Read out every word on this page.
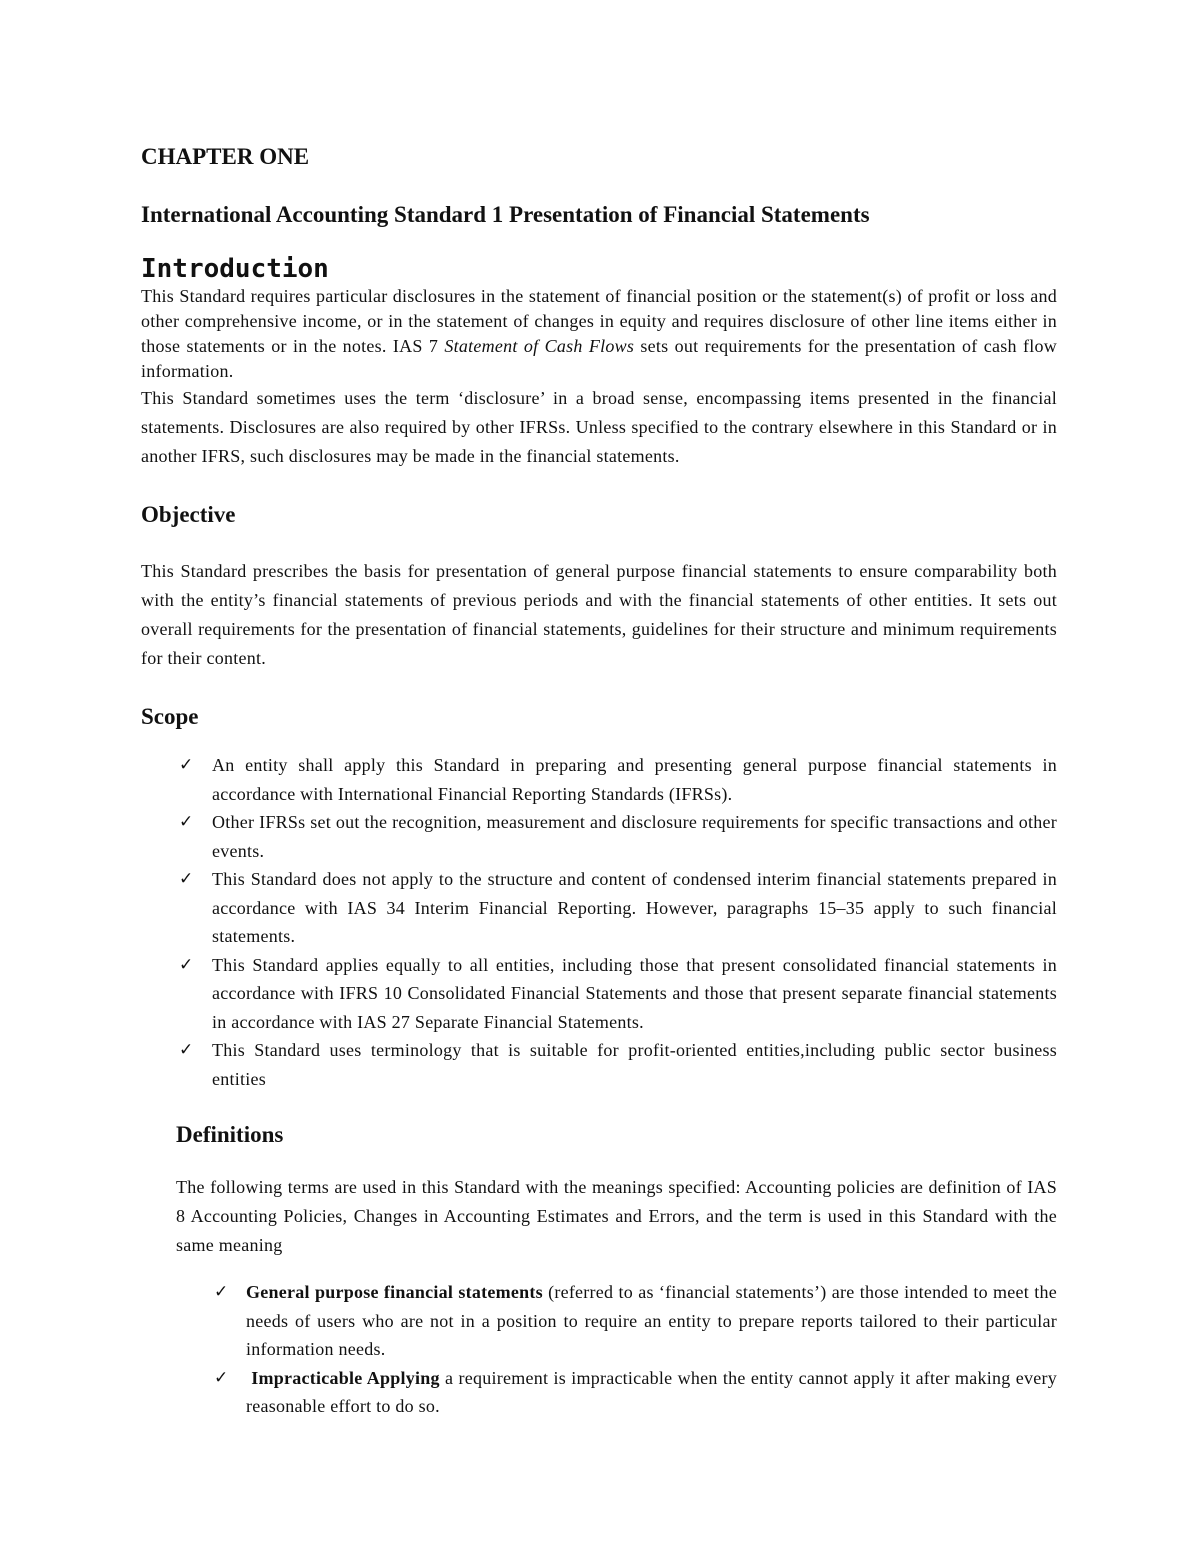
CHAPTER ONE
International Accounting Standard 1 Presentation of Financial Statements
Introduction

This Standard requires particular disclosures in the statement of financial position or the statement(s) of profit or loss and other comprehensive income, or in the statement of changes in equity and requires disclosure of other line items either in those statements or in the notes. IAS 7 Statement of Cash Flows sets out requirements for the presentation of cash flow information.

This Standard sometimes uses the term ‘disclosure’ in a broad sense, encompassing items presented in the financial statements. Disclosures are also required by other IFRSs. Unless specified to the contrary elsewhere in this Standard or in another IFRS, such disclosures may be made in the financial statements.

Objective

This Standard prescribes the basis for presentation of general purpose financial statements to ensure comparability both with the entity’s financial statements of previous periods and with the financial statements of other entities. It sets out overall requirements for the presentation of financial statements, guidelines for their structure and minimum requirements for their content.

Scope
✓ An entity shall apply this Standard in preparing and presenting general purpose financial statements in accordance with International Financial Reporting Standards (IFRSs).
✓ Other IFRSs set out the recognition, measurement and disclosure requirements for specific transactions and other events.
✓ This Standard does not apply to the structure and content of condensed interim financial statements prepared in accordance with IAS 34 Interim Financial Reporting. However, paragraphs 15–35 apply to such financial statements.
✓ This Standard applies equally to all entities, including those that present consolidated financial statements in accordance with IFRS 10 Consolidated Financial Statements and those that present separate financial statements in accordance with IAS 27 Separate Financial Statements.
✓ This Standard uses terminology that is suitable for profit-oriented entities,including public sector business entities
Definitions

The following terms are used in this Standard with the meanings specified: Accounting policies are definition of IAS 8 Accounting Policies, Changes in Accounting Estimates and Errors, and the term is used in this Standard with the same meaning

✓ General purpose financial statements (referred to as ‘financial statements’) are those intended to meet the needs of users who are not in a position to require an entity to prepare reports tailored to their particular information needs.
✓ Impracticable Applying a requirement is impracticable when the entity cannot apply it after making every reasonable effort to do so.
